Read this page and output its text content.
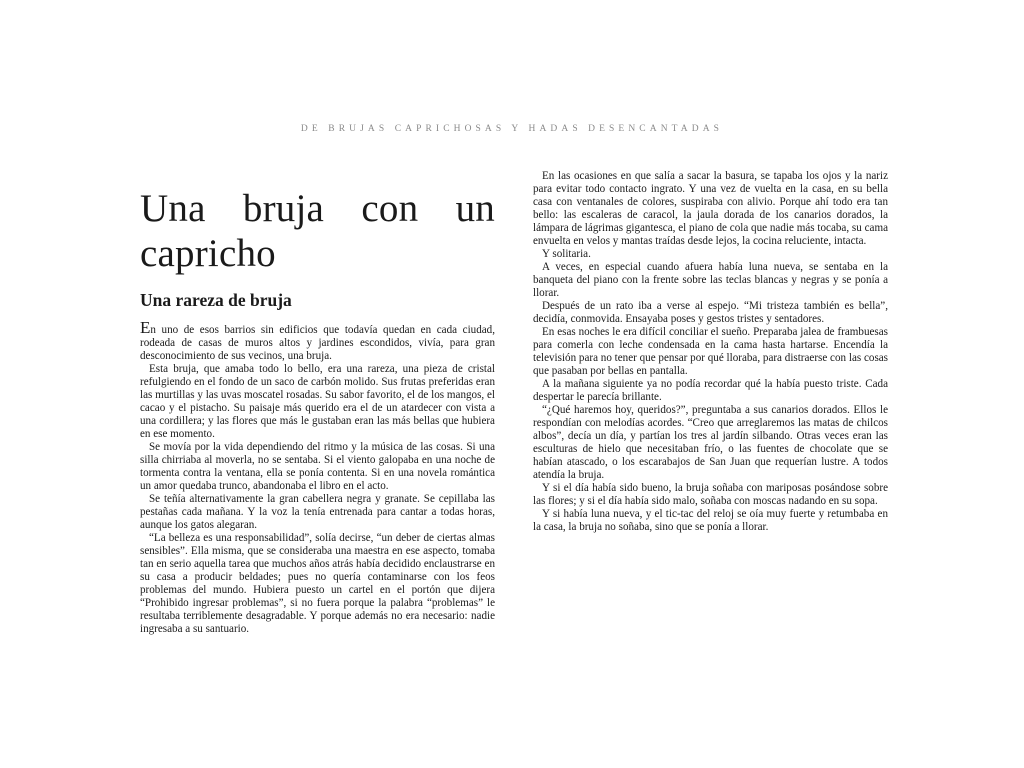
DE BRUJAS CAPRICHOSAS Y HADAS DESENCANTADAS
Una bruja con un capricho
Una rareza de bruja

En uno de esos barrios sin edificios que todavía quedan en cada ciudad, rodeada de casas de muros altos y jardines escondidos, vivía, para gran desconocimiento de sus vecinos, una bruja.

Esta bruja, que amaba todo lo bello, era una rareza, una pieza de cristal refulgiendo en el fondo de un saco de carbón molido. Sus frutas preferidas eran las murtillas y las uvas moscatel rosadas. Su sabor favorito, el de los mangos, el cacao y el pistacho. Su paisaje más querido era el de un atardecer con vista a una cordillera; y las flores que más le gustaban eran las más bellas que hubiera en ese momento.

Se movía por la vida dependiendo del ritmo y la música de las cosas. Si una silla chirriaba al moverla, no se sentaba. Si el viento galopaba en una noche de tormenta contra la ventana, ella se ponía contenta. Si en una novela romántica un amor quedaba trunco, abandonaba el libro en el acto.

Se teñía alternativamente la gran cabellera negra y granate. Se cepillaba las pestañas cada mañana. Y la voz la tenía entrenada para cantar a todas horas, aunque los gatos alegaran.

“La belleza es una responsabilidad”, solía decirse, “un deber de ciertas almas sensibles”. Ella misma, que se consideraba una maestra en ese aspecto, tomaba tan en serio aquella tarea que muchos años atrás había decidido enclaustrarse en su casa a producir beldades; pues no quería contaminarse con los feos problemas del mundo. Hubiera puesto un cartel en el portón que dijera “Prohibido ingresar problemas”, si no fuera porque la palabra “problemas” le resultaba terriblemente desagradable. Y porque además no era necesario: nadie ingresaba a su santuario.

En las ocasiones en que salía a sacar la basura, se tapaba los ojos y la nariz para evitar todo contacto ingrato. Y una vez de vuelta en la casa, en su bella casa con ventanales de colores, suspiraba con alivio. Porque ahí todo era tan bello: las escaleras de caracol, la jaula dorada de los canarios dorados, la lámpara de lágrimas gigantesca, el piano de cola que nadie más tocaba, su cama envuelta en velos y mantas traídas desde lejos, la cocina reluciente, intacta.

Y solitaria.

A veces, en especial cuando afuera había luna nueva, se sentaba en la banqueta del piano con la frente sobre las teclas blancas y negras y se ponía a llorar.

Después de un rato iba a verse al espejo. “Mi tristeza también es bella”, decidía, conmovida. Ensayaba poses y gestos tristes y sentadores.

En esas noches le era difícil conciliar el sueño. Preparaba jalea de frambuesas para comerla con leche condensada en la cama hasta hartarse. Encendía la televisión para no tener que pensar por qué lloraba, para distraerse con las cosas que pasaban por bellas en pantalla.

A la mañana siguiente ya no podía recordar qué la había puesto triste. Cada despertar le parecía brillante.

“¿Qué haremos hoy, queridos?”, preguntaba a sus canarios dorados. Ellos le respondían con melodías acordes. “Creo que arreglaremos las matas de chilcos albos”, decía un día, y partían los tres al jardín silbando. Otras veces eran las esculturas de hielo que necesitaban frío, o las fuentes de chocolate que se habían atascado, o los escarabajos de San Juan que requerían lustre. A todos atendía la bruja.

Y si el día había sido bueno, la bruja soñaba con mariposas posándose sobre las flores; y si el día había sido malo, soñaba con moscas nadando en su sopa.

Y si había luna nueva, y el tic-tac del reloj se oía muy fuerte y retumbaba en la casa, la bruja no soñaba, sino que se ponía a llorar.
